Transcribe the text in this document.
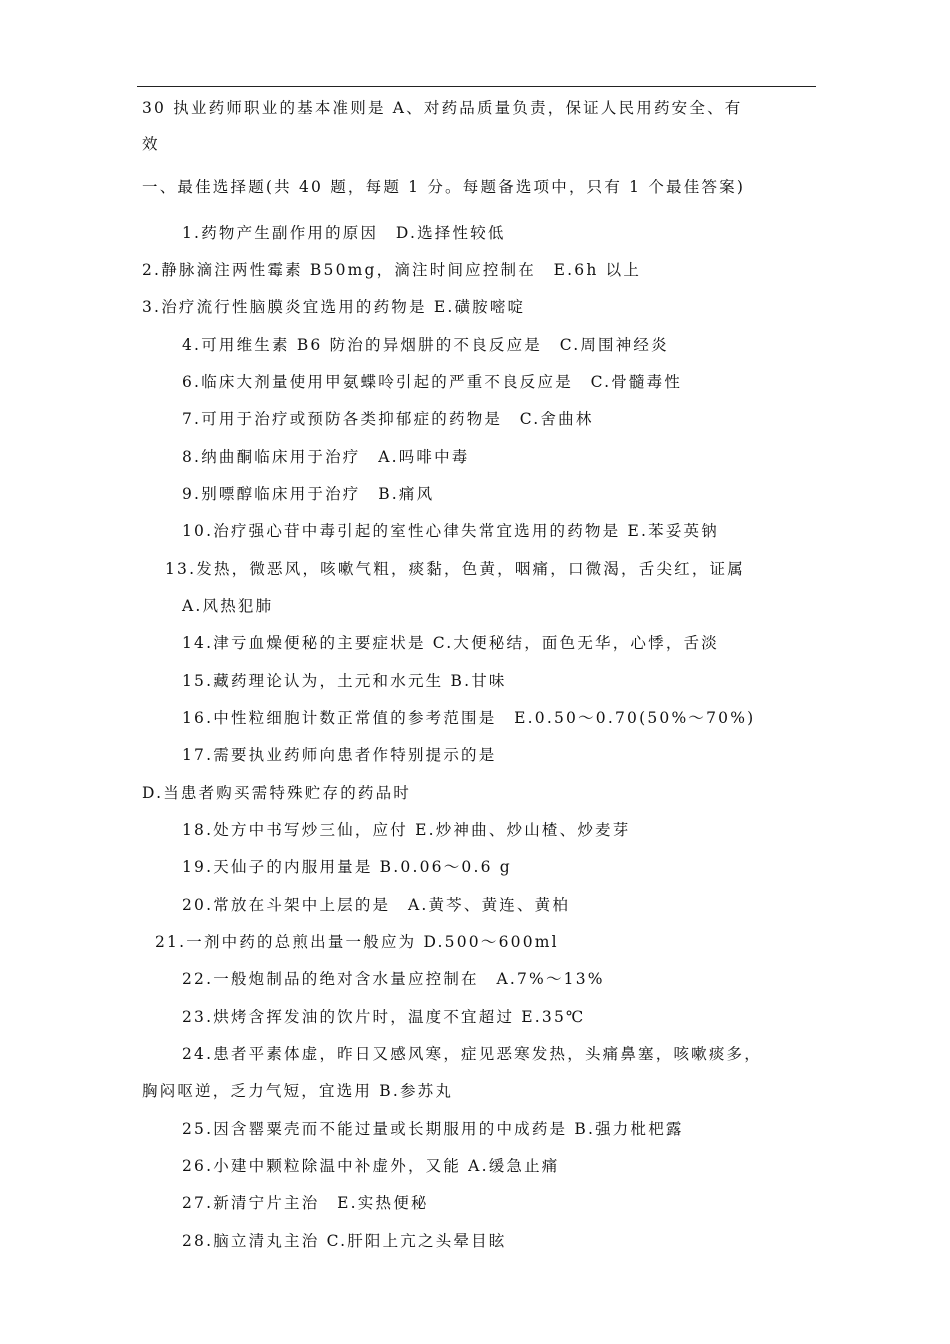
30 执业药师职业的基本准则是 A、对药品质量负责，保证人民用药安全、有
效
一、最佳选择题(共 40 题，每题 1 分。每题备选项中，只有 1 个最佳答案)
1.药物产生副作用的原因　D.选择性较低
2.静脉滴注两性霉素 B50mg，滴注时间应控制在　E.6h 以上
3.治疗流行性脑膜炎宜选用的药物是 E.磺胺嘧啶
4.可用维生素 B6 防治的异烟肼的不良反应是　C.周围神经炎
6.临床大剂量使用甲氨蝶呤引起的严重不良反应是　C.骨髓毒性
7.可用于治疗或预防各类抑郁症的药物是　C.舍曲林
8.纳曲酮临床用于治疗　A.吗啡中毒
9.别嘌醇临床用于治疗　B.痛风
10.治疗强心苷中毒引起的室性心律失常宜选用的药物是 E.苯妥英钠
13.发热，微恶风，咳嗽气粗，痰黏，色黄，咽痛，口微渴，舌尖红，证属
A.风热犯肺
14.津亏血燥便秘的主要症状是 C.大便秘结，面色无华，心悸，舌淡
15.藏药理论认为，土元和水元生 B.甘味
16.中性粒细胞计数正常值的参考范围是　E.0.50～0.70(50%～70%)
17.需要执业药师向患者作特别提示的是
D.当患者购买需特殊贮存的药品时
18.处方中书写炒三仙，应付 E.炒神曲、炒山楂、炒麦芽
19.天仙子的内服用量是 B.0.06～0.6 g
20.常放在斗架中上层的是　A.黄芩、黄连、黄柏
21.一剂中药的总煎出量一般应为 D.500～600ml
22.一般炮制品的绝对含水量应控制在　A.7%～13%
23.烘烤含挥发油的饮片时，温度不宜超过 E.35℃
24.患者平素体虚，昨日又感风寒，症见恶寒发热，头痛鼻塞，咳嗽痰多，
胸闷呕逆，乏力气短，宜选用 B.参苏丸
25.因含罂粟壳而不能过量或长期服用的中成药是 B.强力枇杷露
26.小建中颗粒除温中补虚外，又能 A.缓急止痛
27.新清宁片主治　E.实热便秘
28.脑立清丸主治 C.肝阳上亢之头晕目眩
